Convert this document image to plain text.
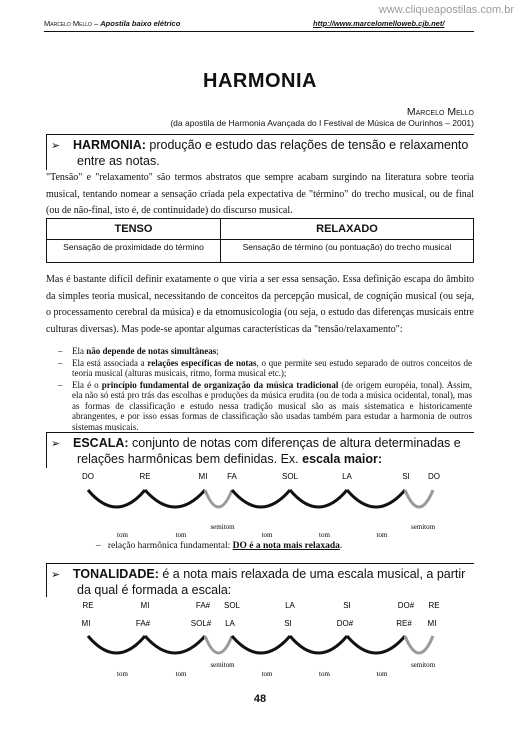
www.cliqueapostilas.com.br
Marcelo Mello – Apostila baixo elétrico	http://www.marcelomelloweb.cjb.net/
HARMONIA
Marcelo Mello
(da apostila de Harmonia Avançada do I Festival de Música de Ourinhos – 2001)
➢ HARMONIA: produção e estudo das relações de tensão e relaxamento
entre as notas.
"Tensão" e "relaxamento" são termos abstratos que sempre acabam surgindo na literatura sobre teoria musical, tentando nomear a sensação criada pela expectativa de "término" do trecho musical, ou de final (ou de não-final, isto é, de continuidade) do discurso musical.
TENSO	RELAXADO
Sensação de proximidade do término	Sensação de término (ou pontuação) do trecho musical
Mas é bastante difícil definir exatamente o que viria a ser essa sensação. Essa definição escapa do âmbito da simples teoria musical, necessitando de conceitos da percepção musical, de cognição musical (ou seja, o processamento cerebral da música) e da etnomusicologia (ou seja, o estudo das diferenças musicais entre culturas diversas). Mas pode-se apontar algumas características da "tensão/relaxamento":
– Ela não depende de notas simultâneas;
– Ela está associada a relações específicas de notas, o que permite seu estudo separado de outros conceitos de teoria musical (alturas musicais, ritmo, forma musical etc.);
– Ela é o princípio fundamental de organização da música tradicional (de origem européia, tonal). Assim, ela não só está pro trás das escolhas e produções da música erudita (ou de toda a música ocidental, tonal), mas as formas de classificação e estudo nessa tradição musical são as mais sistematica e historicamente abrangentes, e por isso essas formas de classificação são usadas também para estudar a harmonia de outros sistemas musicais.
➢ ESCALA: conjunto de notas com diferenças de altura determinadas e
relações harmônicas bem definidas. Ex. escala maior:
DO	RE	MI FA	SOL	LA	SI DO
tom	tom
semitom
tom	tom	tom
semitom
–   relação harmônica fundamental: DO é a nota mais relaxada.
➢ TONALIDADE: é a nota mais relaxada de uma escala musical, a partir
da qual é formada a escala:
RE	MI	FA# SOL	LA	SI	DO# RE
MI	FA#	SOL# LA	SI	DO#	RE# MI
tom	tom
semitom
tom	tom	tom
semitom
48
